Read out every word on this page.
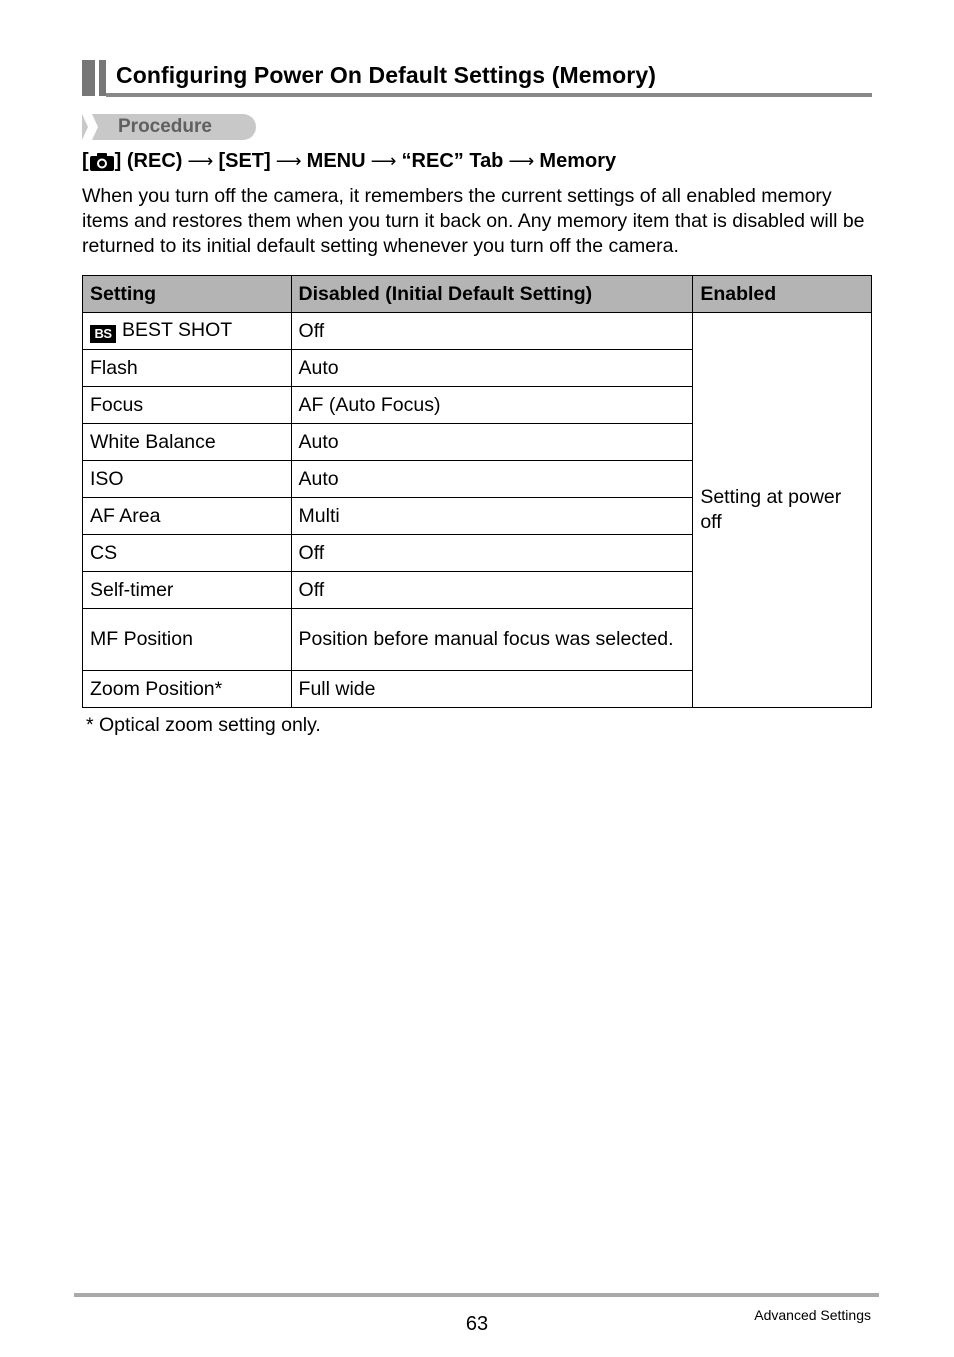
Configuring Power On Default Settings (Memory)
Procedure
[ ] (REC) ⟶ [SET] ⟶ MENU ⟶ “REC” Tab ⟶ Memory
When you turn off the camera, it remembers the current settings of all enabled memory items and restores them when you turn it back on. Any memory item that is disabled will be returned to its initial default setting whenever you turn off the camera.
Setting	Disabled (Initial Default Setting)	Enabled
BS BEST SHOT	Off	Setting at power off
Flash	Auto	
Focus	AF (Auto Focus)	
White Balance	Auto	
ISO	Auto	
AF Area	Multi	
CS	Off	
Self-timer	Off	
MF Position	Position before manual focus was selected.	
Zoom Position*	Full wide	
* Optical zoom setting only.
63	Advanced Settings
